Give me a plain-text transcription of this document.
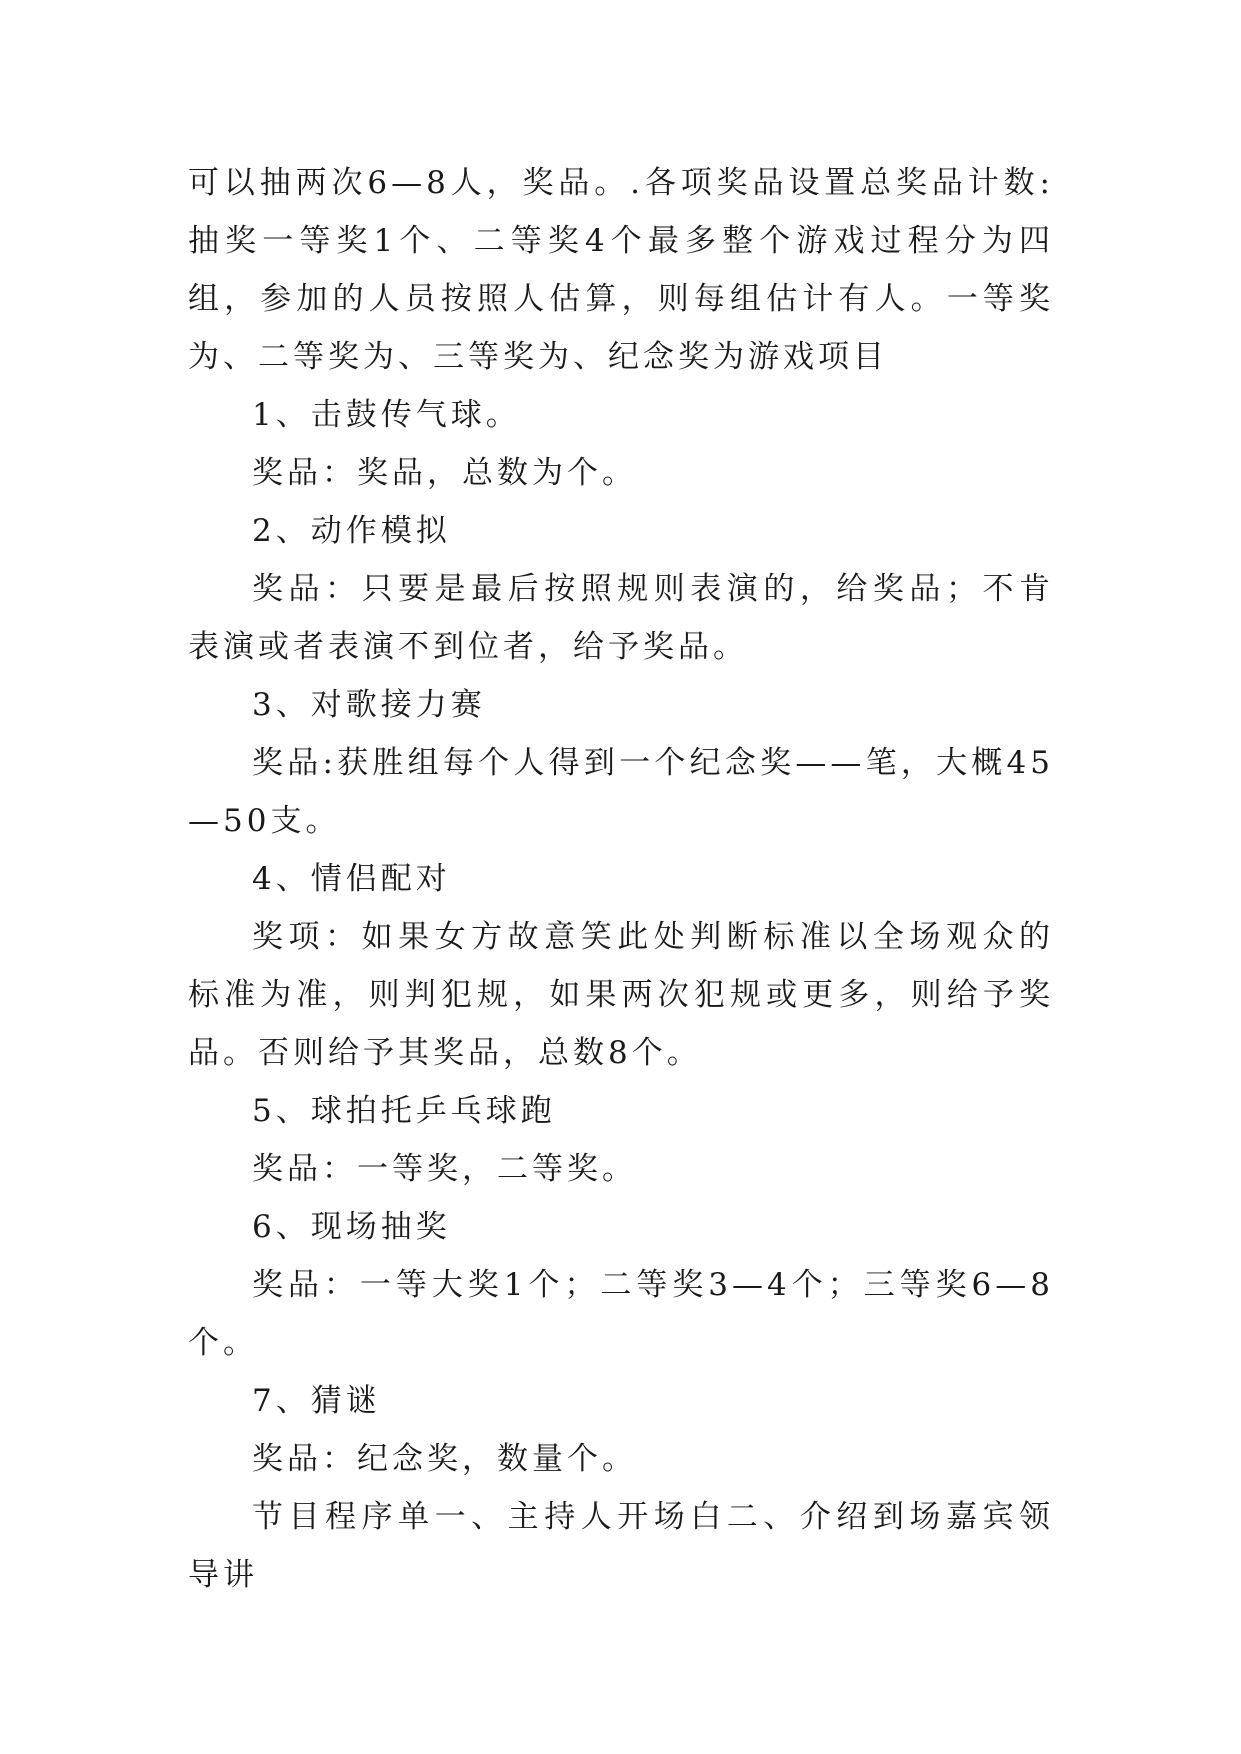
可以抽两次6—8人，奖品。.各项奖品设置总奖品计数:抽奖一等奖1个、二等奖4个最多整个游戏过程分为四组，参加的人员按照人估算，则每组估计有人。一等奖为、二等奖为、三等奖为、纪念奖为游戏项目

1、击鼓传气球。

奖品：奖品，总数为个。

2、动作模拟

奖品：只要是最后按照规则表演的，给奖品；不肯表演或者表演不到位者，给予奖品。

3、对歌接力赛

奖品:获胜组每个人得到一个纪念奖——笔，大概45—50支。

4、情侣配对

奖项：如果女方故意笑此处判断标准以全场观众的标准为准，则判犯规，如果两次犯规或更多，则给予奖品。否则给予其奖品，总数8个。

5、球拍托乒乓球跑

奖品：一等奖，二等奖。

6、现场抽奖

奖品：一等大奖1个；二等奖3—4个；三等奖6—8个。

7、猜谜

奖品：纪念奖，数量个。

节目程序单一、主持人开场白二、介绍到场嘉宾领导讲
